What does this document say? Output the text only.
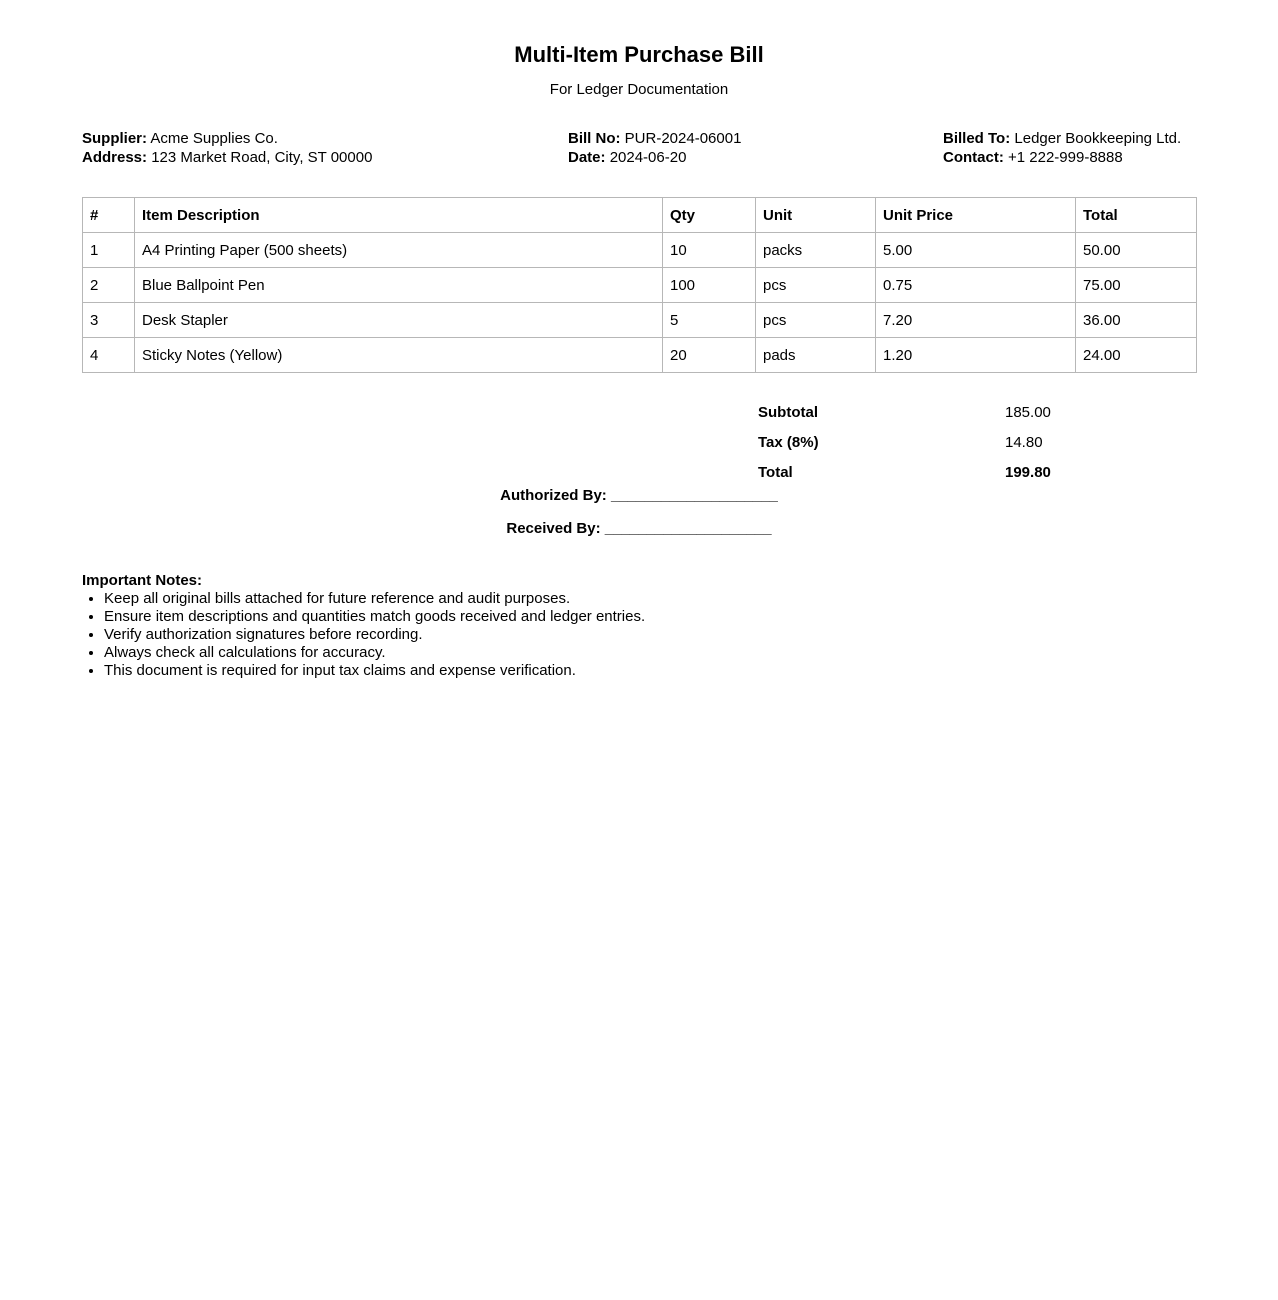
Multi-Item Purchase Bill
For Ledger Documentation
Supplier: Acme Supplies Co.
Address: 123 Market Road, City, ST 00000
Bill No: PUR-2024-06001
Date: 2024-06-20
Billed To: Ledger Bookkeeping Ltd.
Contact: +1 222-999-8888
#	Item Description	Qty	Unit	Unit Price	Total
1	A4 Printing Paper (500 sheets)	10	packs	5.00	50.00
2	Blue Ballpoint Pen	100	pcs	0.75	75.00
3	Desk Stapler	5	pcs	7.20	36.00
4	Sticky Notes (Yellow)	20	pads	1.20	24.00
Subtotal	185.00
Tax (8%)	14.80
Total	199.80
Authorized By: ____________________
Received By: ____________________
Important Notes:
• Keep all original bills attached for future reference and audit purposes.
• Ensure item descriptions and quantities match goods received and ledger entries.
• Verify authorization signatures before recording.
• Always check all calculations for accuracy.
• This document is required for input tax claims and expense verification.
